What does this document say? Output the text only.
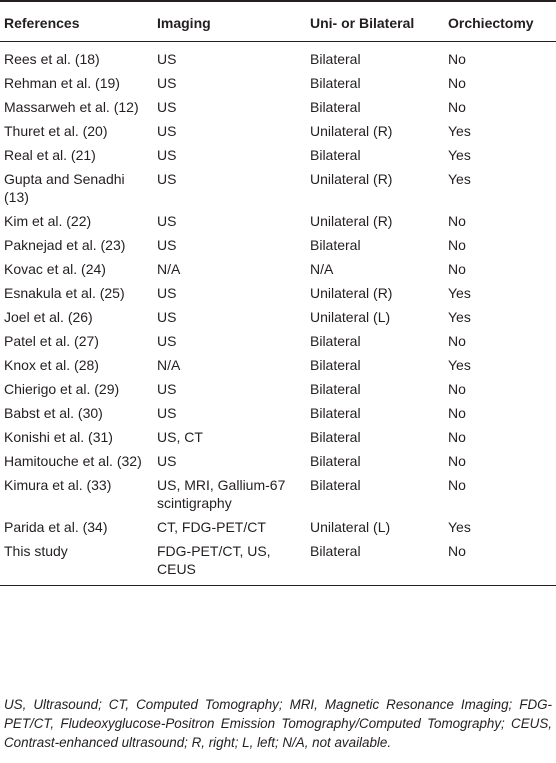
References	Imaging	Uni- or Bilateral	Orchiectomy
Rees et al. (18)	US	Bilateral	No
Rehman et al. (19)	US	Bilateral	No
Massarweh et al. (12)	US	Bilateral	No
Thuret et al. (20)	US	Unilateral (R)	Yes
Real et al. (21)	US	Bilateral	Yes
Gupta and Senadhi (13)	US	Unilateral (R)	Yes
Kim et al. (22)	US	Unilateral (R)	No
Paknejad et al. (23)	US	Bilateral	No
Kovac et al. (24)	N/A	N/A	No
Esnakula et al. (25)	US	Unilateral (R)	Yes
Joel et al. (26)	US	Unilateral (L)	Yes
Patel et al. (27)	US	Bilateral	No
Knox et al. (28)	N/A	Bilateral	Yes
Chierigo et al. (29)	US	Bilateral	No
Babst et al. (30)	US	Bilateral	No
Konishi et al. (31)	US, CT	Bilateral	No
Hamitouche et al. (32)	US	Bilateral	No
Kimura et al. (33)	US, MRI, Gallium-67 scintigraphy	Bilateral	No
Parida et al. (34)	CT, FDG-PET/CT	Unilateral (L)	Yes
This study	FDG-PET/CT, US, CEUS	Bilateral	No
US, Ultrasound; CT, Computed Tomography; MRI, Magnetic Resonance Imaging; FDG-PET/CT, Fludeoxyglucose-Positron Emission Tomography/Computed Tomography; CEUS, Contrast-enhanced ultrasound; R, right; L, left; N/A, not available.
